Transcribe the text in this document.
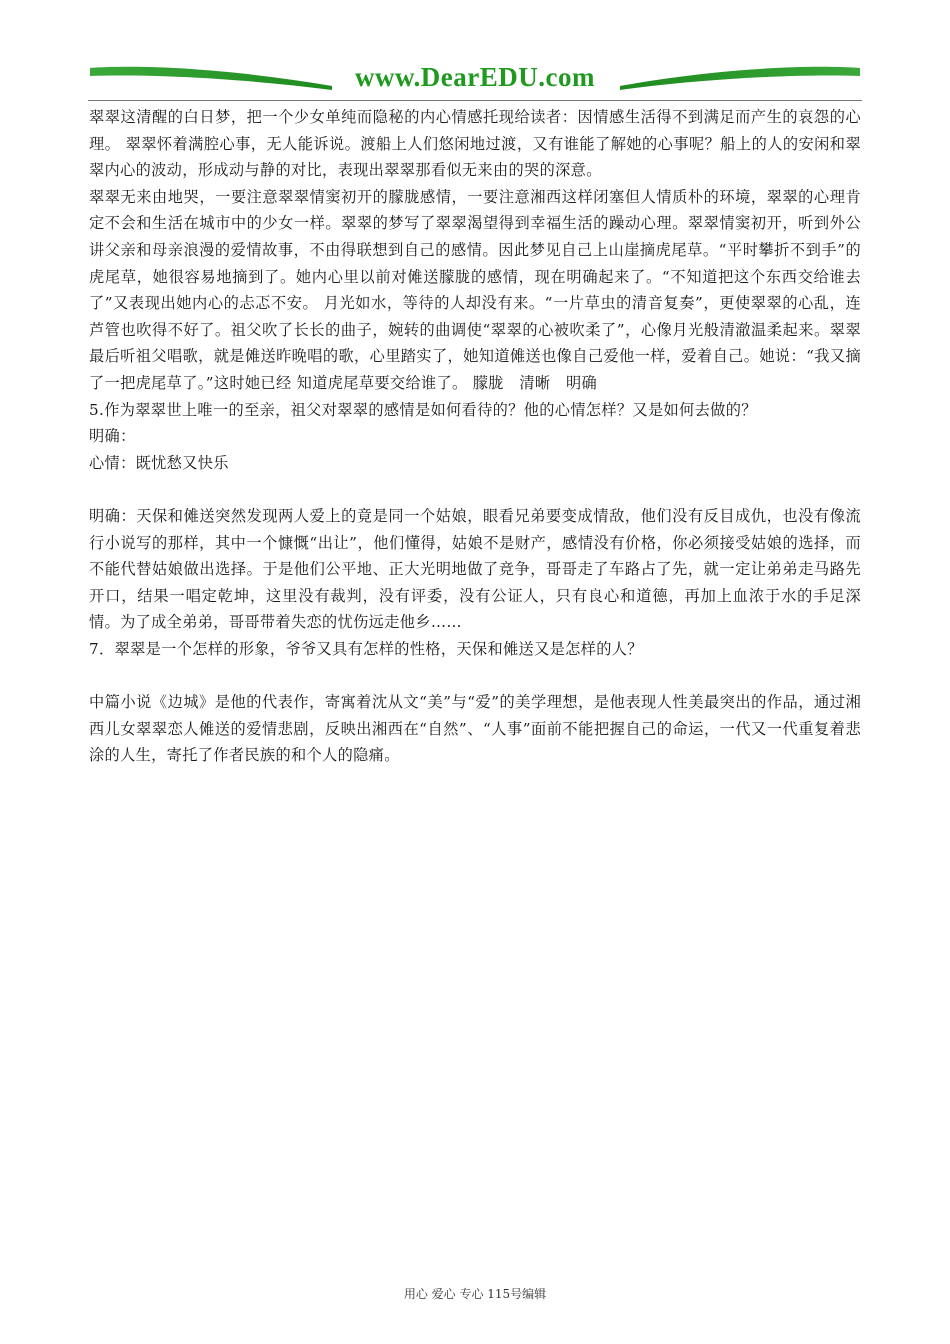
www.DearEDU.com

翠翠这清醒的白日梦，把一个少女单纯而隐秘的内心情感托现给读者：因情感生活得不到满足而产生的哀怨的心理。 翠翠怀着满腔心事，无人能诉说。渡船上人们悠闲地过渡，又有谁能了解她的心事呢？船上的人的安闲和翠翠内心的波动，形成动与静的对比，表现出翠翠那看似无来由的哭的深意。

翠翠无来由地哭，一要注意翠翠情窦初开的朦胧感情，一要注意湘西这样闭塞但人情质朴的环境，翠翠的心理肯定不会和生活在城市中的少女一样。翠翠的梦写了翠翠渴望得到幸福生活的躁动心理。翠翠情窦初开，听到外公讲父亲和母亲浪漫的爱情故事，不由得联想到自己的感情。因此梦见自己上山崖摘虎尾草。“平时攀折不到手”的虎尾草，她很容易地摘到了。她内心里以前对傩送朦胧的感情，现在明确起来了。“不知道把这个东西交给谁去了”又表现出她内心的忐忑不安。 月光如水，等待的人却没有来。“一片草虫的清音复奏”，更使翠翠的心乱，连芦管也吹得不好了。祖父吹了长长的曲子，婉转的曲调使“翠翠的心被吹柔了”，心像月光般清澈温柔起来。翠翠最后听祖父唱歌，就是傩送昨晚唱的歌，心里踏实了，她知道傩送也像自己爱他一样，爱着自己。她说：“我又摘了一把虎尾草了。”这时她已经 知道虎尾草要交给谁了。 朦胧　清晰　明确

5.作为翠翠世上唯一的至亲，祖父对翠翠的感情是如何看待的？他的心情怎样？又是如何去做的？

明确：

心情：既忧愁又快乐

明确：天保和傩送突然发现两人爱上的竟是同一个姑娘，眼看兄弟要变成情敌，他们没有反目成仇，也没有像流行小说写的那样，其中一个慷慨“出让”，他们懂得，姑娘不是财产，感情没有价格，你必须接受姑娘的选择，而不能代替姑娘做出选择。于是他们公平地、正大光明地做了竞争，哥哥走了车路占了先，就一定让弟弟走马路先开口，结果一唱定乾坤，这里没有裁判，没有评委，没有公证人，只有良心和道德，再加上血浓于水的手足深情。为了成全弟弟，哥哥带着失恋的忧伤远走他乡……

7．翠翠是一个怎样的形象，爷爷又具有怎样的性格，天保和傩送又是怎样的人？

中篇小说《边城》是他的代表作，寄寓着沈从文“美”与“爱”的美学理想，是他表现人性美最突出的作品，通过湘西儿女翠翠恋人傩送的爱情悲剧，反映出湘西在“自然”、“人事”面前不能把握自己的命运，一代又一代重复着悲涂的人生，寄托了作者民族的和个人的隐痛。

用心 爱心 专心 115号编辑
